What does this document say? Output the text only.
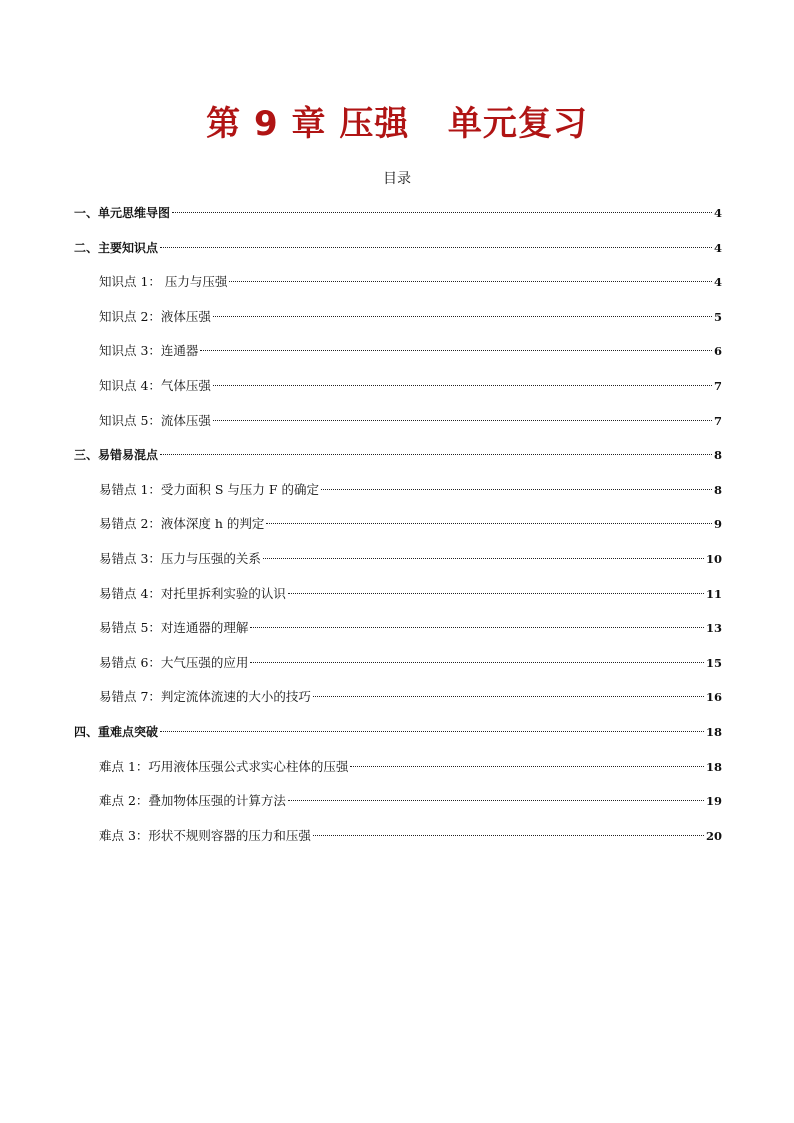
第 9 章 压强   单元复习
目录
一、单元思维导图	4
二、主要知识点	4
知识点 1： 压力与压强	4
知识点 2：液体压强	5
知识点 3：连通器	6
知识点 4：气体压强	7
知识点 5：流体压强	7
三、易错易混点	8
易错点 1：受力面积 S 与压力 F 的确定	8
易错点 2：液体深度 h 的判定	9
易错点 3：压力与压强的关系	10
易错点 4：对托里拆利实验的认识	11
易错点 5：对连通器的理解	13
易错点 6：大气压强的应用	15
易错点 7：判定流体流速的大小的技巧	16
四、重难点突破	18
难点 1：巧用液体压强公式求实心柱体的压强	18
难点 2：叠加物体压强的计算方法	19
难点 3：形状不规则容器的压力和压强	20
